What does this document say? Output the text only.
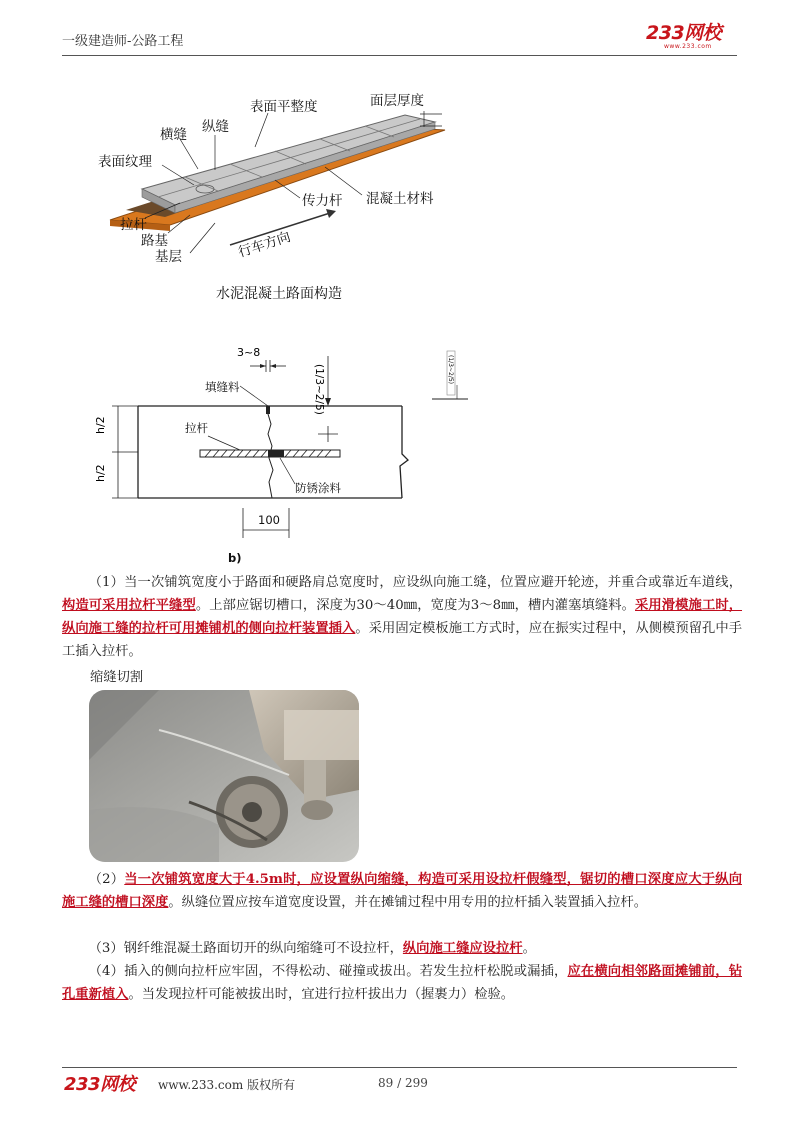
一级建造师-公路工程	233网校
www.233.com
表面平整度	面层厚度
横缝 纵缝
表面纹理
拉杆
路基
基层
传力杆 混凝土材料
行车方向
水泥混凝土路面构造
h/2
h/2
3~8
(1/3~2/5)
填缝料
拉杆
防锈涂料
100
b)
(1/3~2/5)
（1）当一次铺筑宽度小于路面和硬路肩总宽度时，应设纵向施工缝，位置应避开轮迹，并重合或靠近车道线，构造可采用拉杆平缝型。上部应锯切槽口，深度为30～40㎜，宽度为3～8㎜，槽内灌塞填缝料。采用滑模施工时，纵向施工缝的拉杆可用摊铺机的侧向拉杆装置插入。采用固定模板施工方式时，应在振实过程中，从侧模预留孔中手工插入拉杆。
缩缝切割
（2）当一次铺筑宽度大于4.5m时，应设置纵向缩缝，构造可采用设拉杆假缝型，锯切的槽口深度应大于纵向施工缝的槽口深度。纵缝位置应按车道宽度设置，并在摊铺过程中用专用的拉杆插入装置插入拉杆。
（3）钢纤维混凝土路面切开的纵向缩缝可不设拉杆，纵向施工缝应设拉杆。
（4）插入的侧向拉杆应牢固，不得松动、碰撞或拔出。若发生拉杆松脱或漏插，应在横向相邻路面摊铺前，钻孔重新植入。当发现拉杆可能被拔出时，宜进行拉杆拔出力（握裹力）检验。
233网校 www.233.com 版权所有	89 / 299
